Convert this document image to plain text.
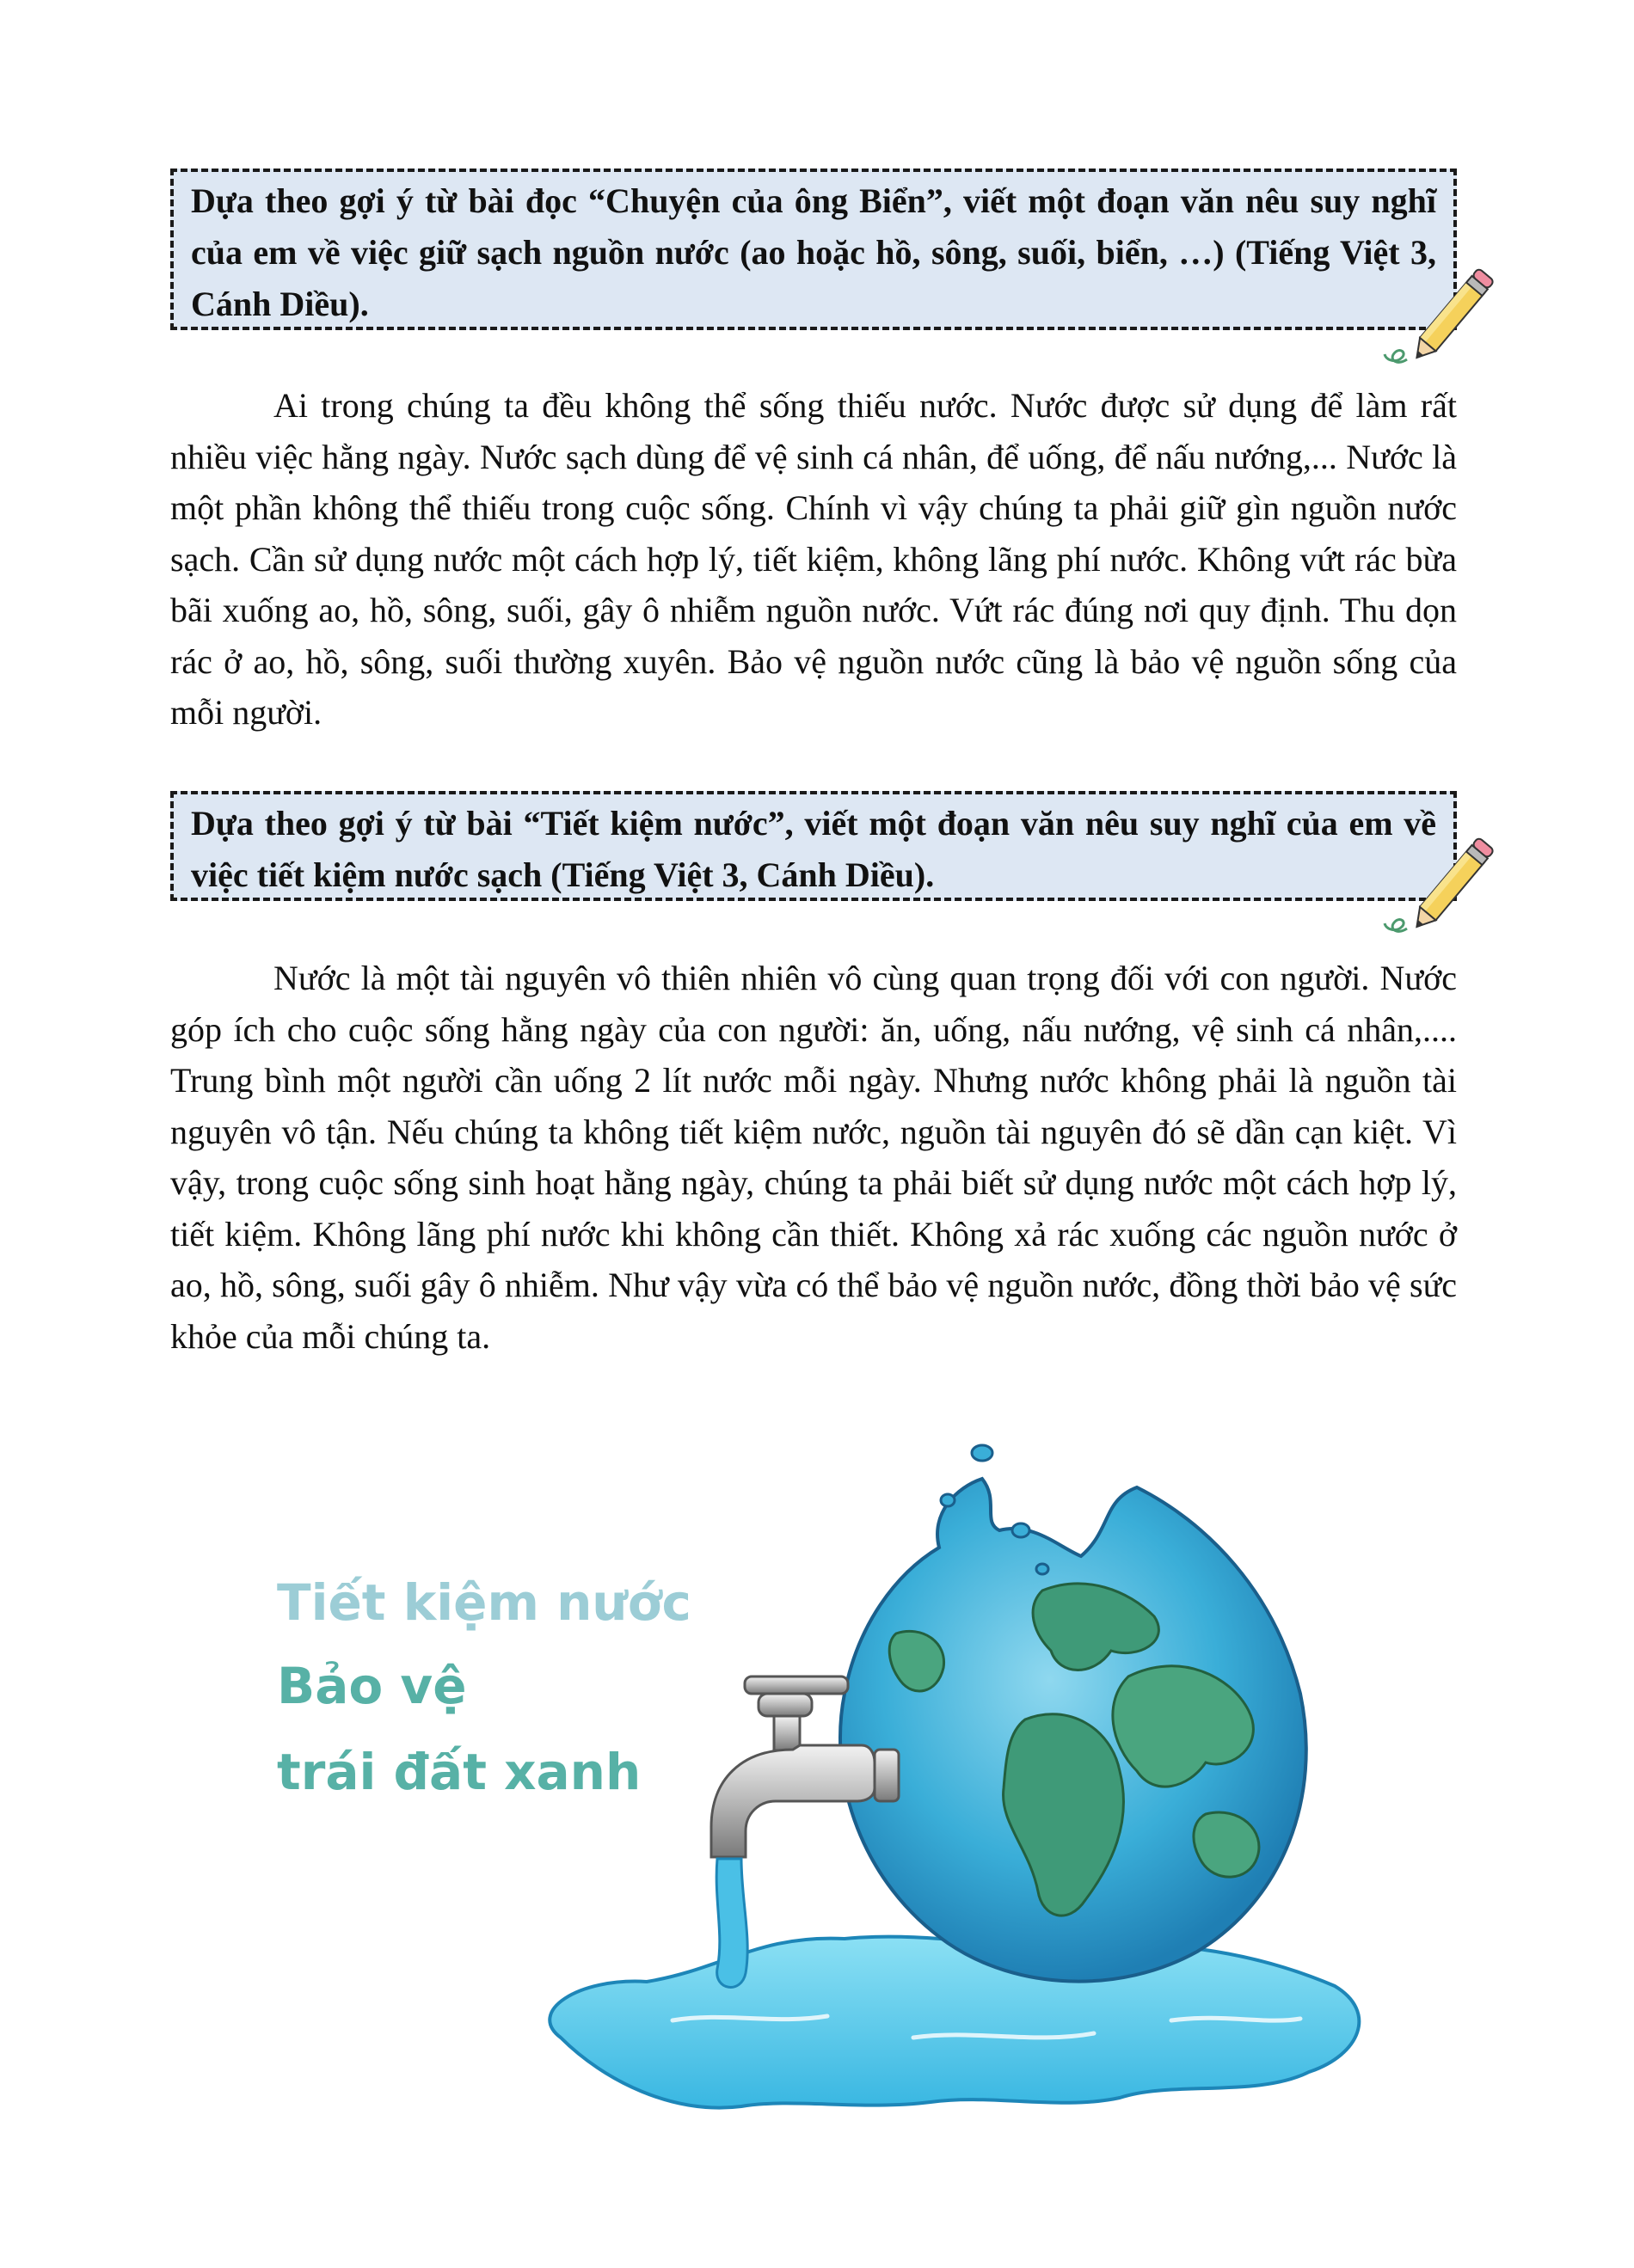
Dựa theo gợi ý từ bài đọc “Chuyện của ông Biển”, viết một đoạn văn nêu suy nghĩ của em về việc giữ sạch nguồn nước (ao hoặc hồ, sông, suối, biển, …) (Tiếng Việt 3, Cánh Diều).

Ai trong chúng ta đều không thể sống thiếu nước. Nước được sử dụng để làm rất nhiều việc hằng ngày. Nước sạch dùng để vệ sinh cá nhân, để uống, để nấu nướng,... Nước là một phần không thể thiếu trong cuộc sống. Chính vì vậy chúng ta phải giữ gìn nguồn nước sạch. Cần sử dụng nước một cách hợp lý, tiết kiệm, không lãng phí nước. Không vứt rác bừa bãi xuống ao, hồ, sông, suối, gây ô nhiễm nguồn nước. Vứt rác đúng nơi quy định. Thu dọn rác ở ao, hồ, sông, suối thường xuyên. Bảo vệ nguồn nước cũng là bảo vệ nguồn sống của mỗi người.

Dựa theo gợi ý từ bài “Tiết kiệm nước”, viết một đoạn văn nêu suy nghĩ của em về việc tiết kiệm nước sạch (Tiếng Việt 3, Cánh Diều).

Nước là một tài nguyên vô thiên nhiên vô cùng quan trọng đối với con người. Nước góp ích cho cuộc sống hằng ngày của con người: ăn, uống, nấu nướng, vệ sinh cá nhân,.... Trung bình một người cần uống 2 lít nước mỗi ngày. Nhưng nước không phải là nguồn tài nguyên vô tận. Nếu chúng ta không tiết kiệm nước, nguồn tài nguyên đó sẽ dần cạn kiệt. Vì vậy, trong cuộc sống sinh hoạt hằng ngày, chúng ta phải biết sử dụng nước một cách hợp lý, tiết kiệm. Không lãng phí nước khi không cần thiết. Không xả rác xuống các nguồn nước ở ao, hồ, sông, suối gây ô nhiễm. Như vậy vừa có thể bảo vệ nguồn nước, đồng thời bảo vệ sức khỏe của mỗi chúng ta.

Tiết kiệm nước
Bảo vệ
trái đất xanh
